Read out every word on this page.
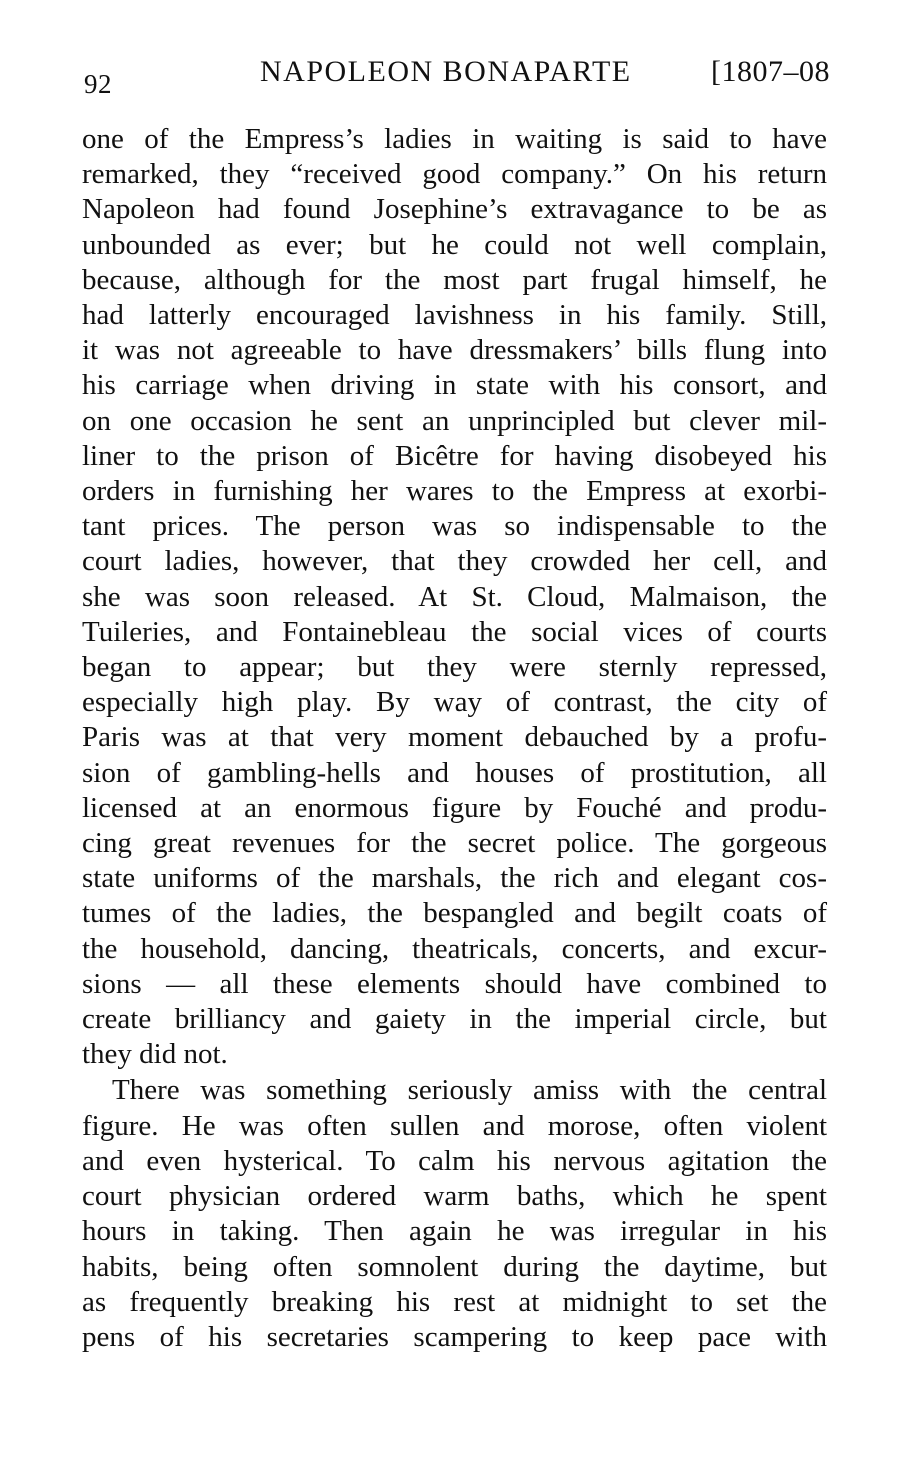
92	NAPOLEON BONAPARTE	[1807–08
one of the Empress’s ladies in waiting is said to have
remarked, they “received good company.” On his return
Napoleon had found Josephine’s extravagance to be as
unbounded as ever; but he could not well complain,
because, although for the most part frugal himself, he
had latterly encouraged lavishness in his family. Still,
it was not agreeable to have dressmakers’ bills flung into
his carriage when driving in state with his consort, and
on one occasion he sent an unprincipled but clever mil-
liner to the prison of Bicêtre for having disobeyed his
orders in furnishing her wares to the Empress at exorbi-
tant prices. The person was so indispensable to the
court ladies, however, that they crowded her cell, and
she was soon released. At St. Cloud, Malmaison, the
Tuileries, and Fontainebleau the social vices of courts
began to appear; but they were sternly repressed,
especially high play. By way of contrast, the city of
Paris was at that very moment debauched by a profu-
sion of gambling-hells and houses of prostitution, all
licensed at an enormous figure by Fouché and produ-
cing great revenues for the secret police. The gorgeous
state uniforms of the marshals, the rich and elegant cos-
tumes of the ladies, the bespangled and begilt coats of
the household, dancing, theatricals, concerts, and excur-
sions — all these elements should have combined to
create brilliancy and gaiety in the imperial circle, but
they did not.
There was something seriously amiss with the central
figure. He was often sullen and morose, often violent
and even hysterical. To calm his nervous agitation the
court physician ordered warm baths, which he spent
hours in taking. Then again he was irregular in his
habits, being often somnolent during the daytime, but
as frequently breaking his rest at midnight to set the
pens of his secretaries scampering to keep pace with
